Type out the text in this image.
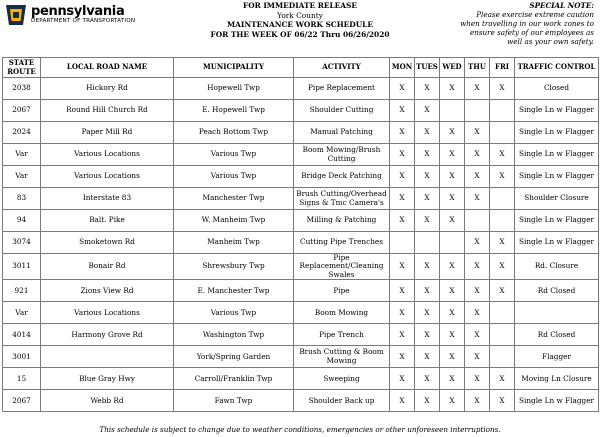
pennsylvania
DEPARTMENT OF TRANSPORTATION
FOR IMMEDIATE RELEASE
York County
MAINTENANCE WORK SCHEDULE
FOR THE WEEK OF 06/22 Thru 06/26/2020
SPECIAL NOTE:
Please exercise extreme caution
when travelling in our work zones to
ensure safety of our employees as
well as your own safety.
STATE ROUTE	LOCAL ROAD NAME	MUNICIPALITY	ACTIVITY	MON	TUES	WED	THU	FRI	TRAFFIC CONTROL
2038	Hickory Rd	Hopewell Twp	Pipe Replacement	X	X	X	X	X	Closed
2067	Round Hill Church Rd	E. Hopewell Twp	Shoulder Cutting	X	X				Single Ln w Flagger
2024	Paper Mill Rd	Peach Bottom Twp	Manual Patching	X	X	X	X		Single Ln w Flagger
Var	Various Locations	Various Twp	Boom Mowing/Brush Cutting	X	X	X	X	X	Single Ln w Flagger
Var	Various Locations	Various Twp	Bridge Deck Patching	X	X	X	X	X	Single Ln w Flagger
83	Interstate 83	Manchester Twp	Brush Cutting/Overhead Signs & Tmc Camera's	X	X	X	X		Shoulder Closure
94	Balt. Pike	W. Manheim Twp	Milling & Patching	X	X	X			Single Ln w Flagger
3074	Smoketown Rd	Manheim Twp	Cutting Pipe Trenches				X	X	Single Ln w Flagger
3011	Bonair Rd	Shrewsbury Twp	Pipe Replacement/Cleaning Swales	X	X	X	X	X	Rd. Closure
921	Zions View Rd	E. Manchester Twp	Pipe	X	X	X	X	X	Rd Closed
Var	Various Locations	Various Twp	Boom Mowing	X	X	X	X		
4014	Harmony Grove Rd	Washington Twp	Pipe Trench	X	X	X	X		Rd Closed
3001		York/Spring Garden	Brush Cutting & Boom Mowing	X	X	X	X		Flagger
15	Blue Gray Hwy	Carroll/Franklin Twp	Sweeping	X	X	X	X	X	Moving Ln Closure
2067	Webb Rd	Fawn Twp	Shoulder Back up	X	X	X	X	X	Single Ln w Flagger
This schedule is subject to change due to weather conditions, emergencies or other unforeseen interruptions.
